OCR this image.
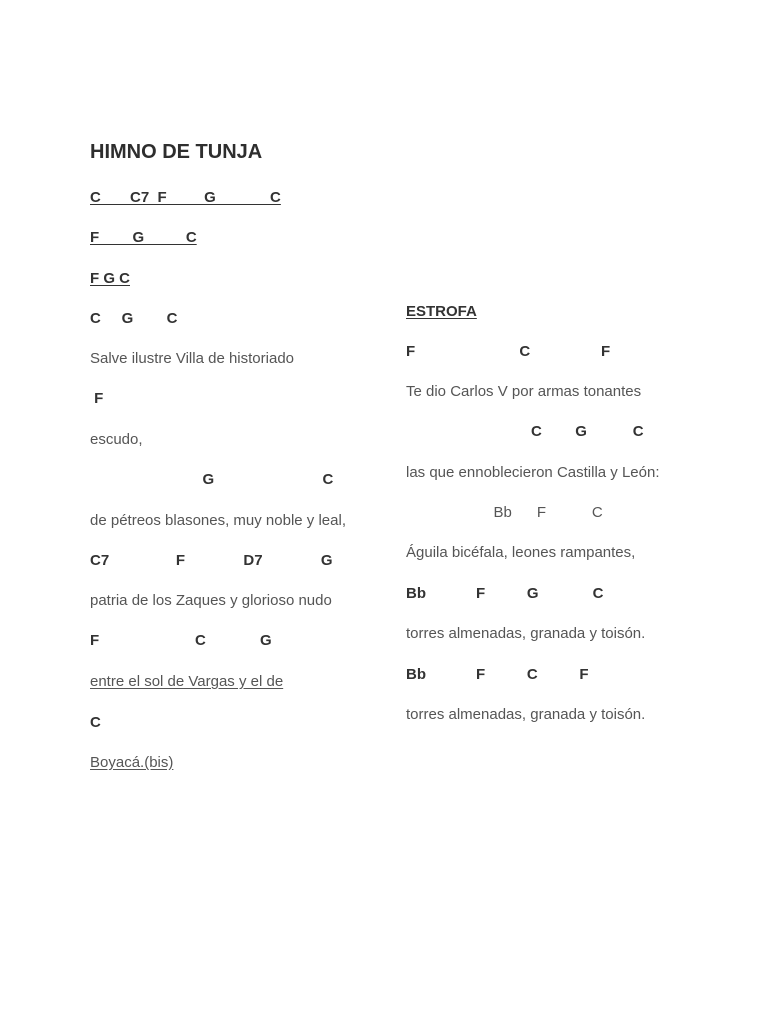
HIMNO DE TUNJA
C       C7  F         G             C
F        G          C
F G C
C     G        C
Salve ilustre Villa de historiado
F
escudo,
G                          C
de pétreos blasones, muy noble y leal,
C7                F              D7              G
patria de los Zaques y glorioso nudo
F                       C             G
entre el sol de Vargas y el de
C
Boyacá.(bis)
ESTROFA
F                         C                 F
Te dio Carlos V por armas tonantes
C        G           C
las que ennoblecieron Castilla y León:
Bb      F           C
Águila bicéfala, leones rampantes,
Bb            F          G             C
torres almenadas, granada y toisón.
Bb            F          C          F
torres almenadas, granada y toisón.
